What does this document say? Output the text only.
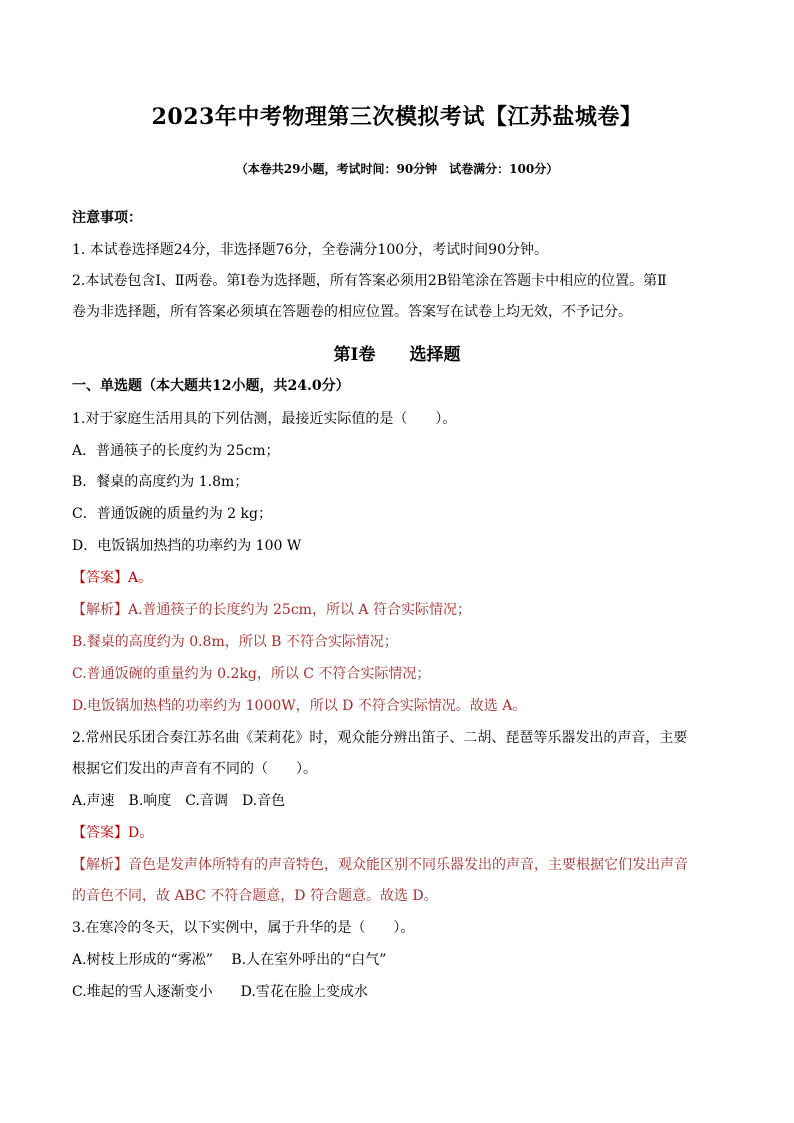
2023年中考物理第三次模拟考试【江苏盐城卷】
（本卷共29小题，考试时间：90分钟　试卷满分：100分）
注意事项：
1. 本试卷选择题24分，非选择题76分，全卷满分100分，考试时间90分钟。
2.本试卷包含Ⅰ、Ⅱ两卷。第Ⅰ卷为选择题，所有答案必须用2B铅笔涂在答题卡中相应的位置。第Ⅱ
卷为非选择题，所有答案必须填在答题卷的相应位置。答案写在试卷上均无效，不予记分。
第Ⅰ卷　　选择题
一、单选题（本大题共12小题，共24.0分）
1.对于家庭生活用具的下列估测，最接近实际值的是（　　）。
A．普通筷子的长度约为 25cm；
B．餐桌的高度约为 1.8m；
C．普通饭碗的质量约为 2 kg；
D．电饭锅加热挡的功率约为 100 W
【答案】A。
【解析】A.普通筷子的长度约为 25cm，所以 A 符合实际情况；
B.餐桌的高度约为 0.8m，所以 B 不符合实际情况；
C.普通饭碗的重量约为 0.2kg，所以 C 不符合实际情况；
D.电饭锅加热档的功率约为 1000W，所以 D 不符合实际情况。故选 A。
2.常州民乐团合奏江苏名曲《茉莉花》时，观众能分辨出笛子、二胡、琵琶等乐器发出的声音，主要
根据它们发出的声音有不同的（　　）。
A.声速　B.响度　C.音调　D.音色
【答案】D。
【解析】音色是发声体所特有的声音特色，观众能区别不同乐器发出的声音，主要根据它们发出声音
的音色不同，故 ABC 不符合题意，D 符合题意。故选 D。
3.在寒冷的冬天，以下实例中，属于升华的是（　　）。
A.树枝上形成的“雾凇”　 B.人在室外呼出的“白气”
C.堆起的雪人逐渐变小　　D.雪花在脸上变成水
